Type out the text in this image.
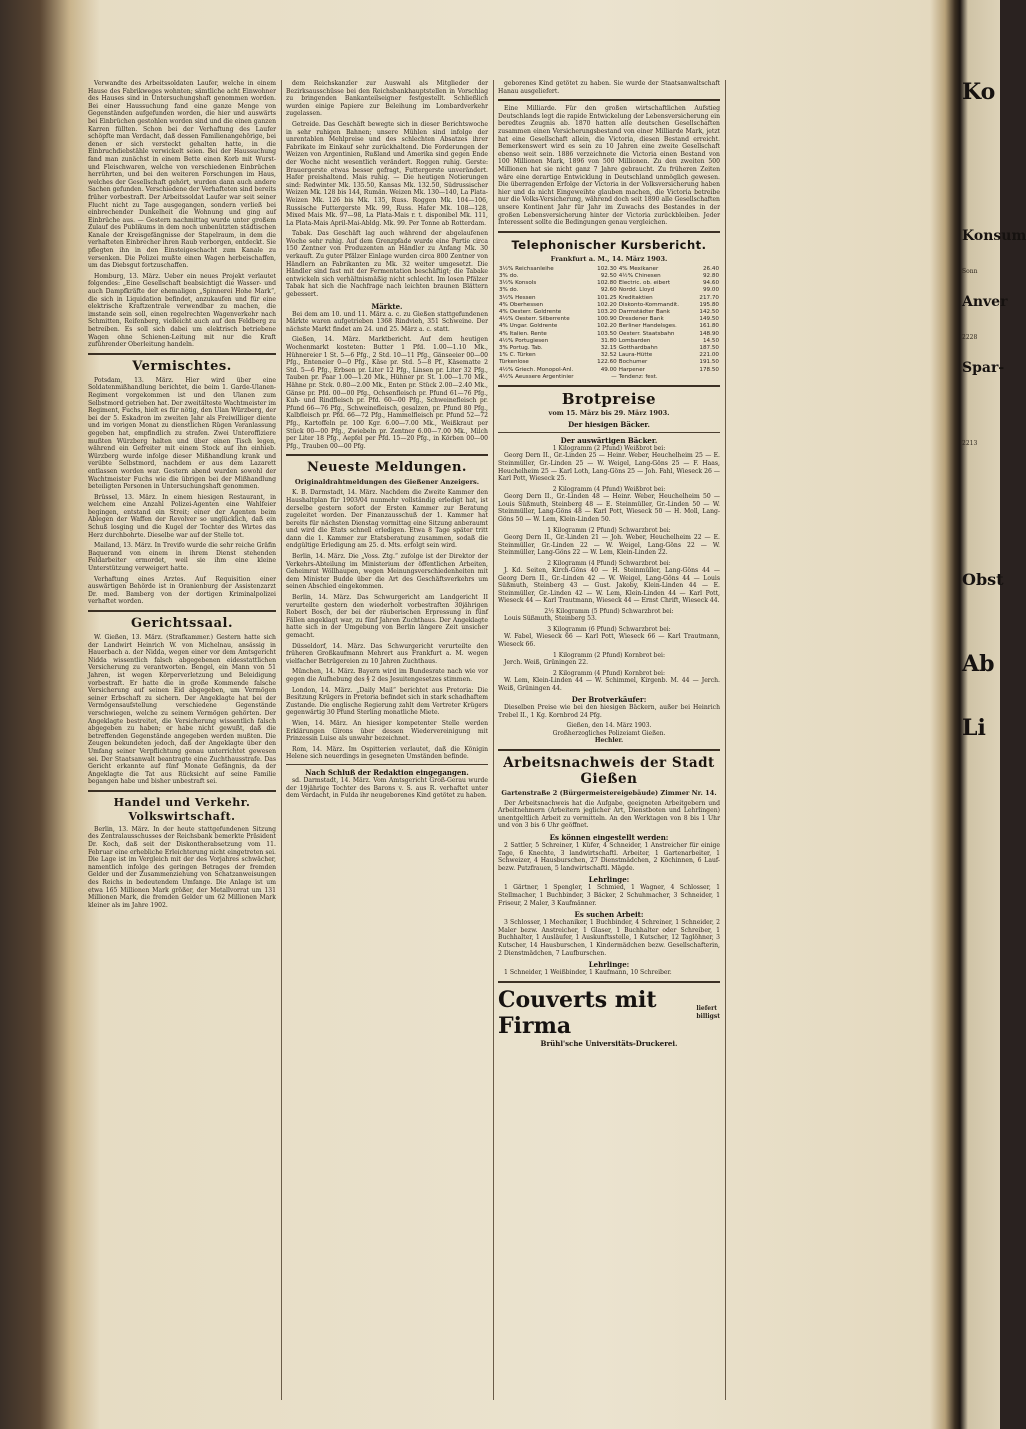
Verwandte des Arbeitssoldaten Laufer, welche in einem Hause des Fabrikweges wohnten; sämtliche acht Einwohner des Hauses sind in Untersuchungshaft genommen worden. Bei einer Haussuchung fand eine ganze Menge von Gegenständen aufgefunden worden, die hier und auswärts bei Einbrüchen gestohlen worden sind und die einen ganzen Karren füllten. Schon bei der Verhaftung des Laufer schöpfte man Verdacht, daß dessen Familienangehörige, bei denen er sich versteckt gehalten hatte, in die Einbruchdiebstähle verwickelt seien. Bei der Haussuchung fand man zunächst in einem Bette einen Korb mit Wurst- und Fleischwaren, welche von verschiedenen Einbrüchen herrührten, und bei den weiteren Forschungen im Haus, welches der Gesellschaft gehört, wurden dann auch andere Sachen gefunden. Verschiedene der Verhafteten sind bereits früher vorbestraft. Der Arbeitssoldat Laufer war seit seiner Flucht nicht zu Tage ausgegangen, sondern verließ bei einbrechender Dunkelheit die Wohnung und ging auf Einbrüche aus. — Gestern nachmittag wurde unter großem Zulauf des Publikums in dem noch unbenützten städtischen Kanale der Kreisgefängnisse der Stapelraum, in dem die verhafteten Einbrecher ihren Raub verborgen, entdeckt. Sie pflegten ihn in den Einsteigeschacht zum Kanale zu versenken. Die Polizei mußte einen Wagen herbeischaffen, um das Diebsgut fortzuschaffen.

Homburg, 13. März. Ueber ein neues Projekt verlautet folgendes: „Eine Gesellschaft beabsichtigt die Wasser- und auch Dampfkräfte der ehemaligen „Spinnerei Hohe Mark“, die sich in Liquidation befindet, anzukaufen und für eine elektrische Kraftzentrale verwendbar zu machen, die imstande sein soll, einen regelrechten Wagenverkehr nach Schmitten, Reifenberg, vielleicht auch auf den Feldberg zu betreiben. Es soll sich dabei um elektrisch betriebene Wagen ohne Schienen-Leitung mit nur die Kraft zuführender Oberleitung handeln.

Vermischtes.

Potsdam, 13. März. Hier wird über eine Soldatenmißhandlung berichtet, die beim 1. Garde-Ulanen-Regiment vorgekommen ist und den Ulanen zum Selbstmord getrieben hat. Der zweitälteste Wachtmeister im Regiment, Fuchs, hielt es für nötig, den Ulan Würzberg, der bei der 5. Eskadron im zweiten Jahr als Freiwilliger diente und im vorigen Monat zu dienstlichen Rügen Veranlassung gegeben hat, empfindlich zu strafen. Zwei Unteroffiziere mußten Würzberg halten und über einen Tisch legen, während ein Gefreiter mit einem Stock auf ihn einhieb. Würzberg wurde infolge dieser Mißhandlung krank und verübte Selbstmord, nachdem er aus dem Lazarett entlassen worden war. Gestern abend wurden sowohl der Wachtmeister Fuchs wie die übrigen bei der Mißhandlung beteiligten Personen in Untersuchungshaft genommen.

Brüssel, 13. März. In einem hiesigen Restaurant, in welchem eine Anzahl Polizei-Agenten eine Wahlfeier begingen, entstand ein Streit; einer der Agenten beim Ablegen der Waffen der Revolver so unglücklich, daß ein Schuß losging und die Kugel der Tochter des Wirtes das Herz durchbohrte. Dieselbe war auf der Stelle tot.

Mailand, 13. März. In Trevifo wurde die sehr reiche Gräfin Baquerand von einem in ihrem Dienst stehenden Feldarbeiter ermordet, weil sie ihm eine kleine Unterstützung verweigert hatte.

Verhaftung eines Arztes. Auf Requisition einer auswärtigen Behörde ist in Oranienburg der Assistenzarzt Dr. med. Bamberg von der dortigen Kriminalpolizei verhaftet worden.

Gerichtssaal.

W. Gießen, 13. März. (Strafkammer.) Gestern hatte sich der Landwirt Heinrich W. von Michelnau, ansässig in Hauerbach a. der Nidda, wegen einer vor dem Amtsgericht Nidda wissentlich falsch abgegebenen eidesstattlichen Versicherung zu verantworten. Bengel, ein Mann von 51 Jahren, ist wegen Körperverletzung und Beleidigung vorbestraft. Er hatte die in große Kommende falsche Versicherung auf seinen Eid abgegeben, um Vermögen seiner Erbschaft zu sichern. Der Angeklagte hat bei der Vermögensaufstellung verschiedene Gegenstände verschwiegen, welche zu seinem Vermögen gehörten. Der Angeklagte bestreitet, die Versicherung wissentlich falsch abgegeben zu haben; er habe nicht gewußt, daß die betreffenden Gegenstände angegeben werden mußten. Die Zeugen bekundeten jedoch, daß der Angeklagte über den Umfang seiner Verpflichtung genau unterrichtet gewesen sei. Der Staatsanwalt beantragte eine Zuchthausstrafe. Das Gericht erkannte auf fünf Monate Gefängnis, da der Angeklagte die Tat aus Rücksicht auf seine Familie begangen habe und bisher unbestraft sei.

Handel und Verkehr. Volkswirtschaft.

Berlin, 13. März. In der heute stattgefundenen Sitzung des Zentralausschusses der Reichsbank bemerkte Präsident Dr. Koch, daß seit der Diskontherabsetzung vom 11. Februar eine erhebliche Erleichterung nicht eingetreten sei. Die Lage ist im Vergleich mit der des Vorjahres schwächer, namentlich infolge des geringen Betrages der fremden Gelder und der Zusammenziehung von Schatzanweisungen des Reichs in bedeutendem Umfange. Die Anlage ist um etwa 165 Millionen Mark größer, der Metallvorrat um 131 Millionen Mark, die fremden Gelder um 62 Millionen Mark kleiner als im Jahre 1902.

dem Reichskanzler zur Auswahl als Mitglieder der Bezirksausschüsse bei den Reichsbankhauptstellen in Vorschlag zu bringenden Bankanteilseigner festgestellt. Schließlich wurden einige Papiere zur Beleihung im Lombardverkehr zugelassen.

Getreide. Das Geschäft bewegte sich in dieser Berichtswoche in sehr ruhigen Bahnen; unsere Mühlen sind infolge der unrentablen Mehlpreise und des schlechten Absatzes ihrer Fabrikate im Einkauf sehr zurückhaltend. Die Forderungen der Weizen von Argentinien, Rußland und Amerika sind gegen Ende der Woche nicht wesentlich verändert. Roggen ruhig. Gerste: Brauergerste etwas besser gefragt, Futtergerste unverändert. Hafer preishaltend. Mais ruhig. — Die heutigen Notierungen sind: Redwinter Mk. 135.50, Kansas Mk. 132.50, Südrussischer Weizen Mk. 128 bis 144, Rumän. Weizen Mk. 130—140, La Plata-Weizen Mk. 126 bis Mk. 135, Russ. Roggen Mk. 104—106, Russische Futtergerste Mk. 99, Russ. Hafer Mk. 108—128, Mixed Mais Mk. 97—98, La Plata-Mais r. t. disponibel Mk. 111, La Plata-Mais April-Mai-Abldg. Mk. 99. Per Tonne ab Rotterdam.

Tabak. Das Geschäft lag auch während der abgelaufenen Woche sehr ruhig. Auf dem Grenzpfade wurde eine Partie circa 150 Zentner von Produzenten an Händler zu Anfang Mk. 30 verkauft. Zu guter Pfälzer Einlage wurden circa 800 Zentner von Händlern an Fabrikanten zu Mk. 32 weiter umgesetzt. Die Händler sind fast mit der Fermentation beschäftigt; die Tabake entwickeln sich verhältnismäßig nicht schlecht. Im losen Pfälzer Tabak hat sich die Nachfrage nach leichten braunen Blättern gebessert.

Märkte.

Bei dem am 10. und 11. März a. c. zu Gießen stattgefundenen Märkte waren aufgetrieben 1368 Rindvieh, 351 Schweine. Der nächste Markt findet am 24. und 25. März a. c. statt.

Gießen, 14. März. Marktbericht. Auf dem heutigen Wochenmarkt kosteten: Butter 1 Pfd. 1.00—1.10 Mk., Hühnereier 1 St. 5—6 Pfg., 2 Std. 10—11 Pfg., Gänseeier 00—00 Pfg., Enteneier 0—0 Pfg., Käse pr. Std. 5—8 Pf., Käsematte 2 Std. 5—6 Pfg., Erbsen pr. Liter 12 Pfg., Linsen pr. Liter 32 Pfg., Tauben pr. Paar 1.00—1.20 Mk., Hühner pr. St. 1.00—1.70 Mk., Hähne pr. Stck. 0.80—2.00 Mk., Enten pr. Stück 2.00—2.40 Mk., Gänse pr. Pfd. 00—00 Pfg., Ochsenfleisch pr. Pfund 61—76 Pfg., Kuh- und Rindfleisch pr. Pfd. 60—00 Pfg., Schweinefleisch pr. Pfund 66—76 Pfg., Schweinefleisch, gesalzen, pr. Pfund 80 Pfg., Kalbfleisch pr. Pfd. 66—72 Pfg., Hammelfleisch pr. Pfund 52—72 Pfg., Kartoffeln pr. 100 Kgr. 6.00—7.00 Mk., Weißkraut per Stück 00—00 Pfg., Zwiebeln pr. Zentner 6.00—7.00 Mk., Milch per Liter 18 Pfg., Aepfel per Pfd. 15—20 Pfg., in Körben 00—00 Pfg., Trauben 00—00 Pfg.

Neueste Meldungen.
Originaldrahtmeldungen des Gießener Anzeigers.

K. B. Darmstadt, 14. März. Nachdem die Zweite Kammer den Haushaltplan für 1903/04 nunmehr vollständig erledigt hat, ist derselbe gestern sofort der Ersten Kammer zur Beratung zugeleitet worden. Der Finanzausschuß der 1. Kammer hat bereits für nächsten Dienstag vormittag eine Sitzung anberaumt und wird die Etats schnell erledigen. Etwa 8 Tage später tritt dann die 1. Kammer zur Etatsberatung zusammen, sodaß die endgültige Erledigung am 25. d. Mts. erfolgt sein wird.

Berlin, 14. März. Die „Voss. Ztg.“ zufolge ist der Direktor der Verkehrs-Abteilung im Ministerium der öffentlichen Arbeiten, Geheimrat Wöllhaupen, wegen Meinungsverschiedenheiten mit dem Minister Budde über die Art des Geschäftsverkehrs um seinen Abschied eingekommen.

Berlin, 14. März. Das Schwurgericht am Landgericht II verurteilte gestern den wiederholt vorbestraften 30jährigen Robert Bosch, der bei der räuberischen Erpressung in fünf Fällen angeklagt war, zu fünf Jahren Zuchthaus. Der Angeklagte hatte sich in der Umgebung von Berlin längere Zeit unsicher gemacht.

Düsseldorf, 14. März. Das Schwurgericht verurteilte den früheren Großkaufmann Mehrert aus Frankfurt a. M. wegen vielfacher Betrügereien zu 10 Jahren Zuchthaus.

München, 14. März. Bayern wird im Bundesrate nach wie vor gegen die Aufhebung des § 2 des Jesuitengesetzes stimmen.

London, 14. März. „Daily Mail“ berichtet aus Pretoria: Die Besitzung Krügers in Pretoria befindet sich in stark schadhaftem Zustande. Die englische Regierung zahlt dem Vertreter Krügers gegenwärtig 30 Pfund Sterling monatliche Miete.

Wien, 14. März. An hiesiger kompetenter Stelle werden Erklärungen Girons über dessen Wiedervereinigung mit Prinzessin Luise als unwahr bezeichnet.

Rom, 14. März. Im Ospitterien verlautet, daß die Königin Helene sich neuerdings in gesegneten Umständen befinde.

Nach Schluß der Redaktion eingegangen.

sd. Darmstadt, 14. März. Vom Amtsgericht Groß-Gerau wurde der 19jährige Tochter des Barons v. S. aus R. verhaftet unter dem Verdacht, in Fulda ihr neugeborenes Kind getötet zu haben.

geborenes Kind getötet zu haben. Sie wurde der Staatsanwaltschaft Hanau ausgeliefert.

Eine Milliarde. Für den großen wirtschaftlichen Aufstieg Deutschlands legt die rapide Entwickelung der Lebensversicherung ein beredtes Zeugnis ab. 1870 hatten alle deutschen Gesellschaften zusammen einen Versicherungsbestand von einer Milliarde Mark, jetzt hat eine Gesellschaft allein, die Victoria, diesen Bestand erreicht. Bemerkenswert wird es sein zu 10 Jahren eine zweite Gesellschaft ebenso weit sein. 1886 verzeichnete die Victoria einen Bestand von 100 Millionen Mark, 1896 von 500 Millionen. Zu den zweiten 500 Millionen hat sie nicht ganz 7 Jahre gebraucht. Zu früheren Zeiten wäre eine derartige Entwicklung in Deutschland unmöglich gewesen. Die überragenden Erfolge der Victoria in der Volksversicherung haben hier und da nicht Eingeweihte glauben machen, die Victoria betreibe nur die Volks-Versicherung, während doch seit 1890 alle Gesellschaften unsere Kontinent Jahr für Jahr im Zuwachs des Bestandes in der großen Lebensversicherung hinter der Victoria zurückbleiben. Jeder Interessent sollte die Bedingungen genau vergleichen.

Telephonischer Kursbericht.
Frankfurt a. M., 14. März 1903.
3½% Reichsanleihe	102.30	4% Mexikaner	26.40
3% do.	92.50	4½% Chinesen	92.80
3½% Konsols	102.80	Electric. ob. eibert	94.60
3% do.	92.60	Nordd. Lloyd	99.00
3½% Hessen	101.25	Kreditaktien	217.70
4% Oberhessen	102.20	Diskonto-Kommandit.	195.80
4% Oesterr. Goldrente	103.20	Darmstädter Bank	142.50
4½% Oesterr. Silberrente	100.90	Dresdener Bank	149.50
4% Ungar. Goldrente	102.20	Berliner Handelsges.	161.80
4% Italien. Rente	103.50	Oesterr. Staatsbahn	148.90
4½% Portugiesen	31.80	Lombarden	14.50
3% Portug. Tab.	32.15	Gotthardbahn	187.50
1% C. Türken	32.52	Laura-Hütte	221.00
Türkenlose	122.60	Bochumer	191.50
4½% Griech. Monopol-Anl.	49.00	Harpener	178.50
4½% Aeussere Argentinier	—	Tendenz: fest.	
Brotpreise
vom 15. März bis 29. März 1903.
Der hiesigen Bäcker.
Der auswärtigen Bäcker.
1 Kilogramm (2 Pfund) Weißbrot bei:

Georg Dern II., Gr.-Linden 25 — Heinr. Weber, Heuchelheim 25 — E. Steinmüller, Gr.-Linden 25 — W. Weigel, Lang-Göns 25 — F. Haas, Heuchelheim 25 — Karl Loth, Lang-Göns 25 — Joh. Fahl, Wieseck 26 — Karl Pott, Wieseck 25.

2 Kilogramm (4 Pfund) Weißbrot bei:

Georg Dern II., Gr.-Linden 48 — Heinr. Weber, Heuchelheim 50 — Louis Süßmuth, Steinberg 48 — E. Steinmüller, Gr.-Linden 50 — W. Steinmüller, Lang-Göns 48 — Karl Pott, Wieseck 50 — H. Moll, Lang-Göns 50 — W. Lem, Klein-Linden 50.

1 Kilogramm (2 Pfund) Schwarzbrot bei:

Georg Dern II., Gr.-Linden 21 — Joh. Weber, Heuchelheim 22 — E. Steinmüller, Gr.-Linden 22 — W. Weigel, Lang-Göns 22 — W. Steinmüller, Lang-Göns 22 — W. Lem, Klein-Linden 22.

2 Kilogramm (4 Pfund) Schwarzbrot bei:

J. Kd. Seiten, Kirch-Göns 40 — H. Steinmüller, Lang-Göns 44 — Georg Dern II., Gr.-Linden 42 — W. Weigel, Lang-Göns 44 — Louis Süßmuth, Steinberg 43 — Gust. Jakoby, Klein-Linden 44 — E. Steinmüller, Gr.-Linden 42 — W. Lem, Klein-Linden 44 — Karl Pott, Wieseck 44 — Karl Trautmann, Wieseck 44 — Ernst Chrift, Wieseck 44.

2½ Kilogramm (5 Pfund) Schwarzbrot bei:

Louis Süßmuth, Steinberg 53.

3 Kilogramm (6 Pfund) Schwarzbrot bei:

W. Fabel, Wieseck 66 — Karl Pott, Wieseck 66 — Karl Trautmann, Wieseck 66.

1 Kilogramm (2 Pfund) Kornbrot bei:

Jerch. Weiß, Grüningen 22.

2 Kilogramm (4 Pfund) Kornbrot bei:

W. Lem, Klein-Linden 44 — W. Schimmel, Kirgenb. M. 44 — Jerch. Weiß, Grüningen 44.

Der Brotverkäufer:

Dieselben Preise wie bei den hiesigen Bäckern, außer bei Heinrich Trebel II., 1 Kg. Kornbrod 24 Pfg.

Gießen, den 14. März 1903.
Großherzogliches Polizeiamt Gießen.
Hechler.
Arbeitsnachweis der Stadt Gießen
Gartenstraße 2 (Bürgermeistereigebäude) Zimmer Nr. 14.

Der Arbeitsnachweis hat die Aufgabe, geeigneten Arbeitgebern und Arbeitnehmern (Arbeitern jeglicher Art, Dienstboten und Lehrlingen) unentgeltlich Arbeit zu vermitteln. An den Werktagen von 8 bis 1 Uhr und von 3 bis 6 Uhr geöffnet.

Es können eingestellt werden:

2 Sattler, 5 Schreiner, 1 Küfer, 4 Schneider, 1 Anstreicher für einige Tage, 6 Knechte, 3 landwirtschaftl. Arbeiter, 1 Gartenarbeiter, 1 Schweizer, 4 Hausburschen, 27 Dienstmädchen, 2 Köchinnen, 6 Lauf- bezw. Putzfrauen, 5 landwirtschaftl. Mägde.

Lehrlinge:

1 Gärtner, 1 Spengler, 1 Schmied, 1 Wagner, 4 Schlosser, 1 Stellmacher, 1 Buchbinder, 3 Bäcker, 2 Schuhmacher, 3 Schneider, 1 Friseur, 2 Maler, 3 Kaufmänner.

Es suchen Arbeit:

3 Schlosser, 1 Mechaniker, 1 Buchbinder, 4 Schreiner, 1 Schneider, 2 Maler bezw. Anstreicher, 1 Glaser, 1 Buchhalter oder Schreiber, 1 Buchhalter, 1 Ausläufer, 1 Auskunftsstelle, 1 Kutscher, 12 Taglöhner, 3 Kutscher, 14 Hausburschen, 1 Kindermädchen bezw. Gesellschafterin, 2 Dienstmädchen, 7 Laufburschen.

Lehrlinge:

1 Schneider, 1 Weißbinder, 1 Kaufmann, 10 Schreiber.

Couverts mit Firma
liefert billigst
Brühl'sche Universitäts-Druckerei.
Ko
Konsum
Sonn
Anver
2228
Spar-
2213
Obst
Ab
Li
